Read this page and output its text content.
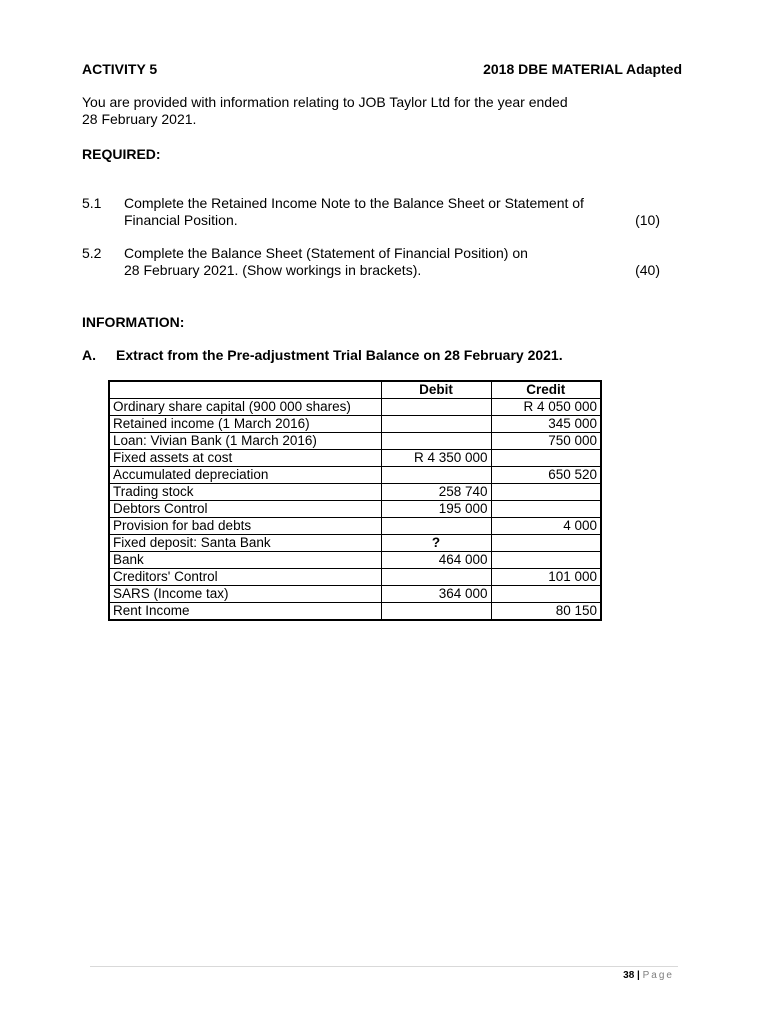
ACTIVITY 5	2018 DBE MATERIAL Adapted
You are provided with information relating to JOB Taylor Ltd for the year ended
28 February 2021.
REQUIRED:
5.1 Complete the Retained Income Note to the Balance Sheet or Statement of
Financial Position.	(10)
5.2 Complete the Balance Sheet (Statement of Financial Position) on
28 February 2021. (Show workings in brackets).	(40)
INFORMATION:
A. Extract from the Pre-adjustment Trial Balance on 28 February 2021.
	Debit	Credit
Ordinary share capital (900 000 shares)		R 4 050 000
Retained income (1 March 2016)		345 000
Loan: Vivian Bank (1 March 2016)		750 000
Fixed assets at cost	R 4 350 000	
Accumulated depreciation		650 520
Trading stock	258 740	
Debtors Control	195 000	
Provision for bad debts		4 000
Fixed deposit: Santa Bank	?	
Bank	464 000	
Creditors' Control		101 000
SARS (Income tax)	364 000	
Rent Income		80 150
38 | Page
